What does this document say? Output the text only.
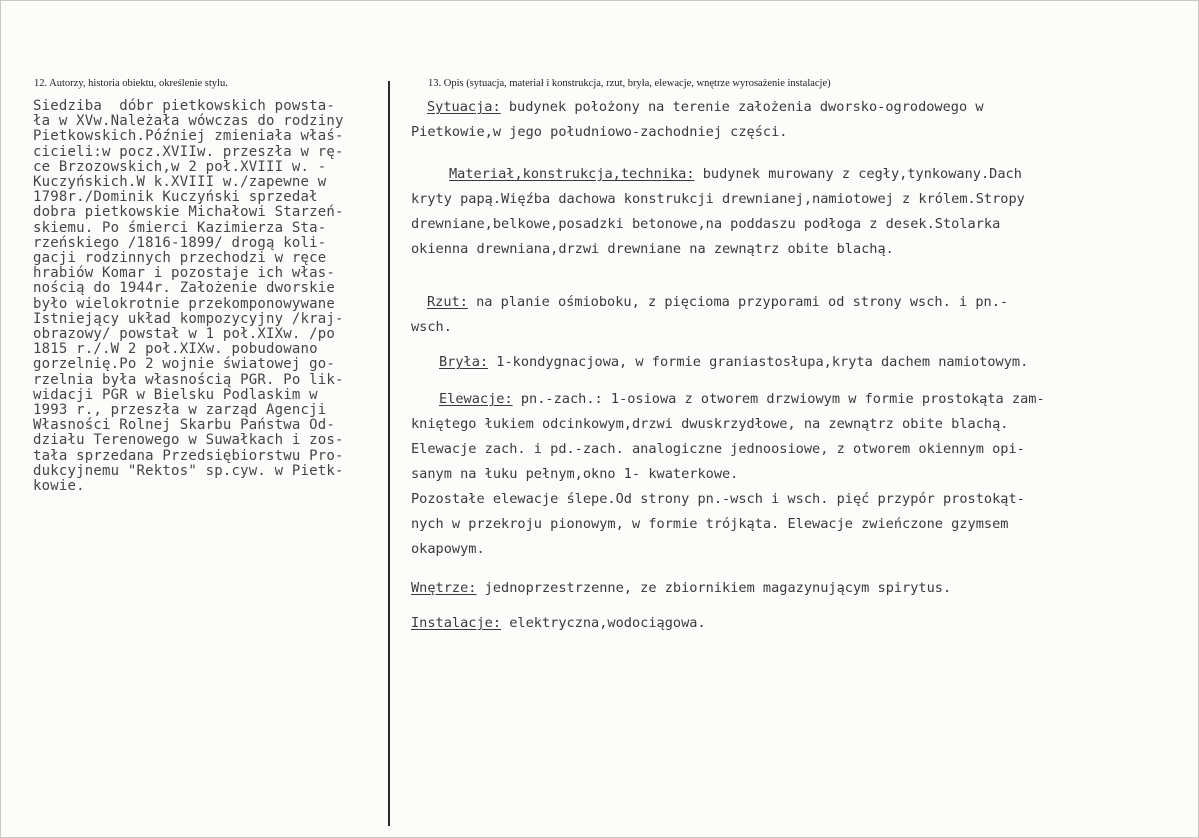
12. Autorzy, historia obiektu, określenie stylu.	13. Opis (sytuacja, materiał i konstrukcja, rzut, bryła, elewacje, wnętrze wyrosażenie instalacje)
Siedziba  dóbr pietkowskich powsta-
ła w XVw.Należała wówczas do rodziny
Pietkowskich.Później zmieniała właś-
cicieli:w pocz.XVIIw. przeszła w rę-
ce Brzozowskich,w 2 poł.XVIII w. -
Kuczyńskich.W k.XVIII w./zapewne w
1798r./Dominik Kuczyński sprzedał
dobra pietkowskie Michałowi Starzeń-
skiemu. Po śmierci Kazimierza Sta-
rzeńskiego /1816-1899/ drogą koli-
gacji rodzinnych przechodzi w ręce
hrabiów Komar i pozostaje ich włas-
nością do 1944r. Założenie dworskie
było wielokrotnie przekomponowywane
Istniejący układ kompozycyjny /kraj-
obrazowy/ powstał w 1 poł.XIXw. /po
1815 r./.W 2 poł.XIXw. pobudowano
gorzelnię.Po 2 wojnie światowej go-
rzelnia była własnością PGR. Po lik-
widacji PGR w Bielsku Podlaskim w
1993 r., przeszła w zarząd Agencji
Własności Rolnej Skarbu Państwa Od-
działu Terenowego w Suwałkach i zos-
tała sprzedana Przedsiębiorstwu Pro-
dukcyjnemu "Rektos" sp.cyw. w Pietk-
kowie.
Sytuacja: budynek położony na terenie założenia dworsko-ogrodowego w
Pietkowie,w jego południowo-zachodniej części.
Materiał,konstrukcja,technika: budynek murowany z cegły,tynkowany.Dach
kryty papą.Więźba dachowa konstrukcji drewnianej,namiotowej z królem.Stropy
drewniane,belkowe,posadzki betonowe,na poddaszu podłoga z desek.Stolarka
okienna drewniana,drzwi drewniane na zewnątrz obite blachą.
Rzut: na planie ośmioboku, z pięcioma przyporami od strony wsch. i pn.-
wsch.
Bryła: 1-kondygnacjowa, w formie graniastosłupa,kryta dachem namiotowym.
Elewacje: pn.-zach.: 1-osiowa z otworem drzwiowym w formie prostokąta zam-
kniętego łukiem odcinkowym,drzwi dwuskrzydłowe, na zewnątrz obite blachą.
Elewacje zach. i pd.-zach. analogiczne jednoosiowe, z otworem okiennym opi-
sanym na łuku pełnym,okno 1- kwaterkowe.
Pozostałe elewacje ślepe.Od strony pn.-wsch i wsch. pięć przypór prostokąt-
nych w przekroju pionowym, w formie trójkąta. Elewacje zwieńczone gzymsem
okapowym.
Wnętrze: jednoprzestrzenne, ze zbiornikiem magazynującym spirytus.
Instalacje: elektryczna,wodociągowa.
